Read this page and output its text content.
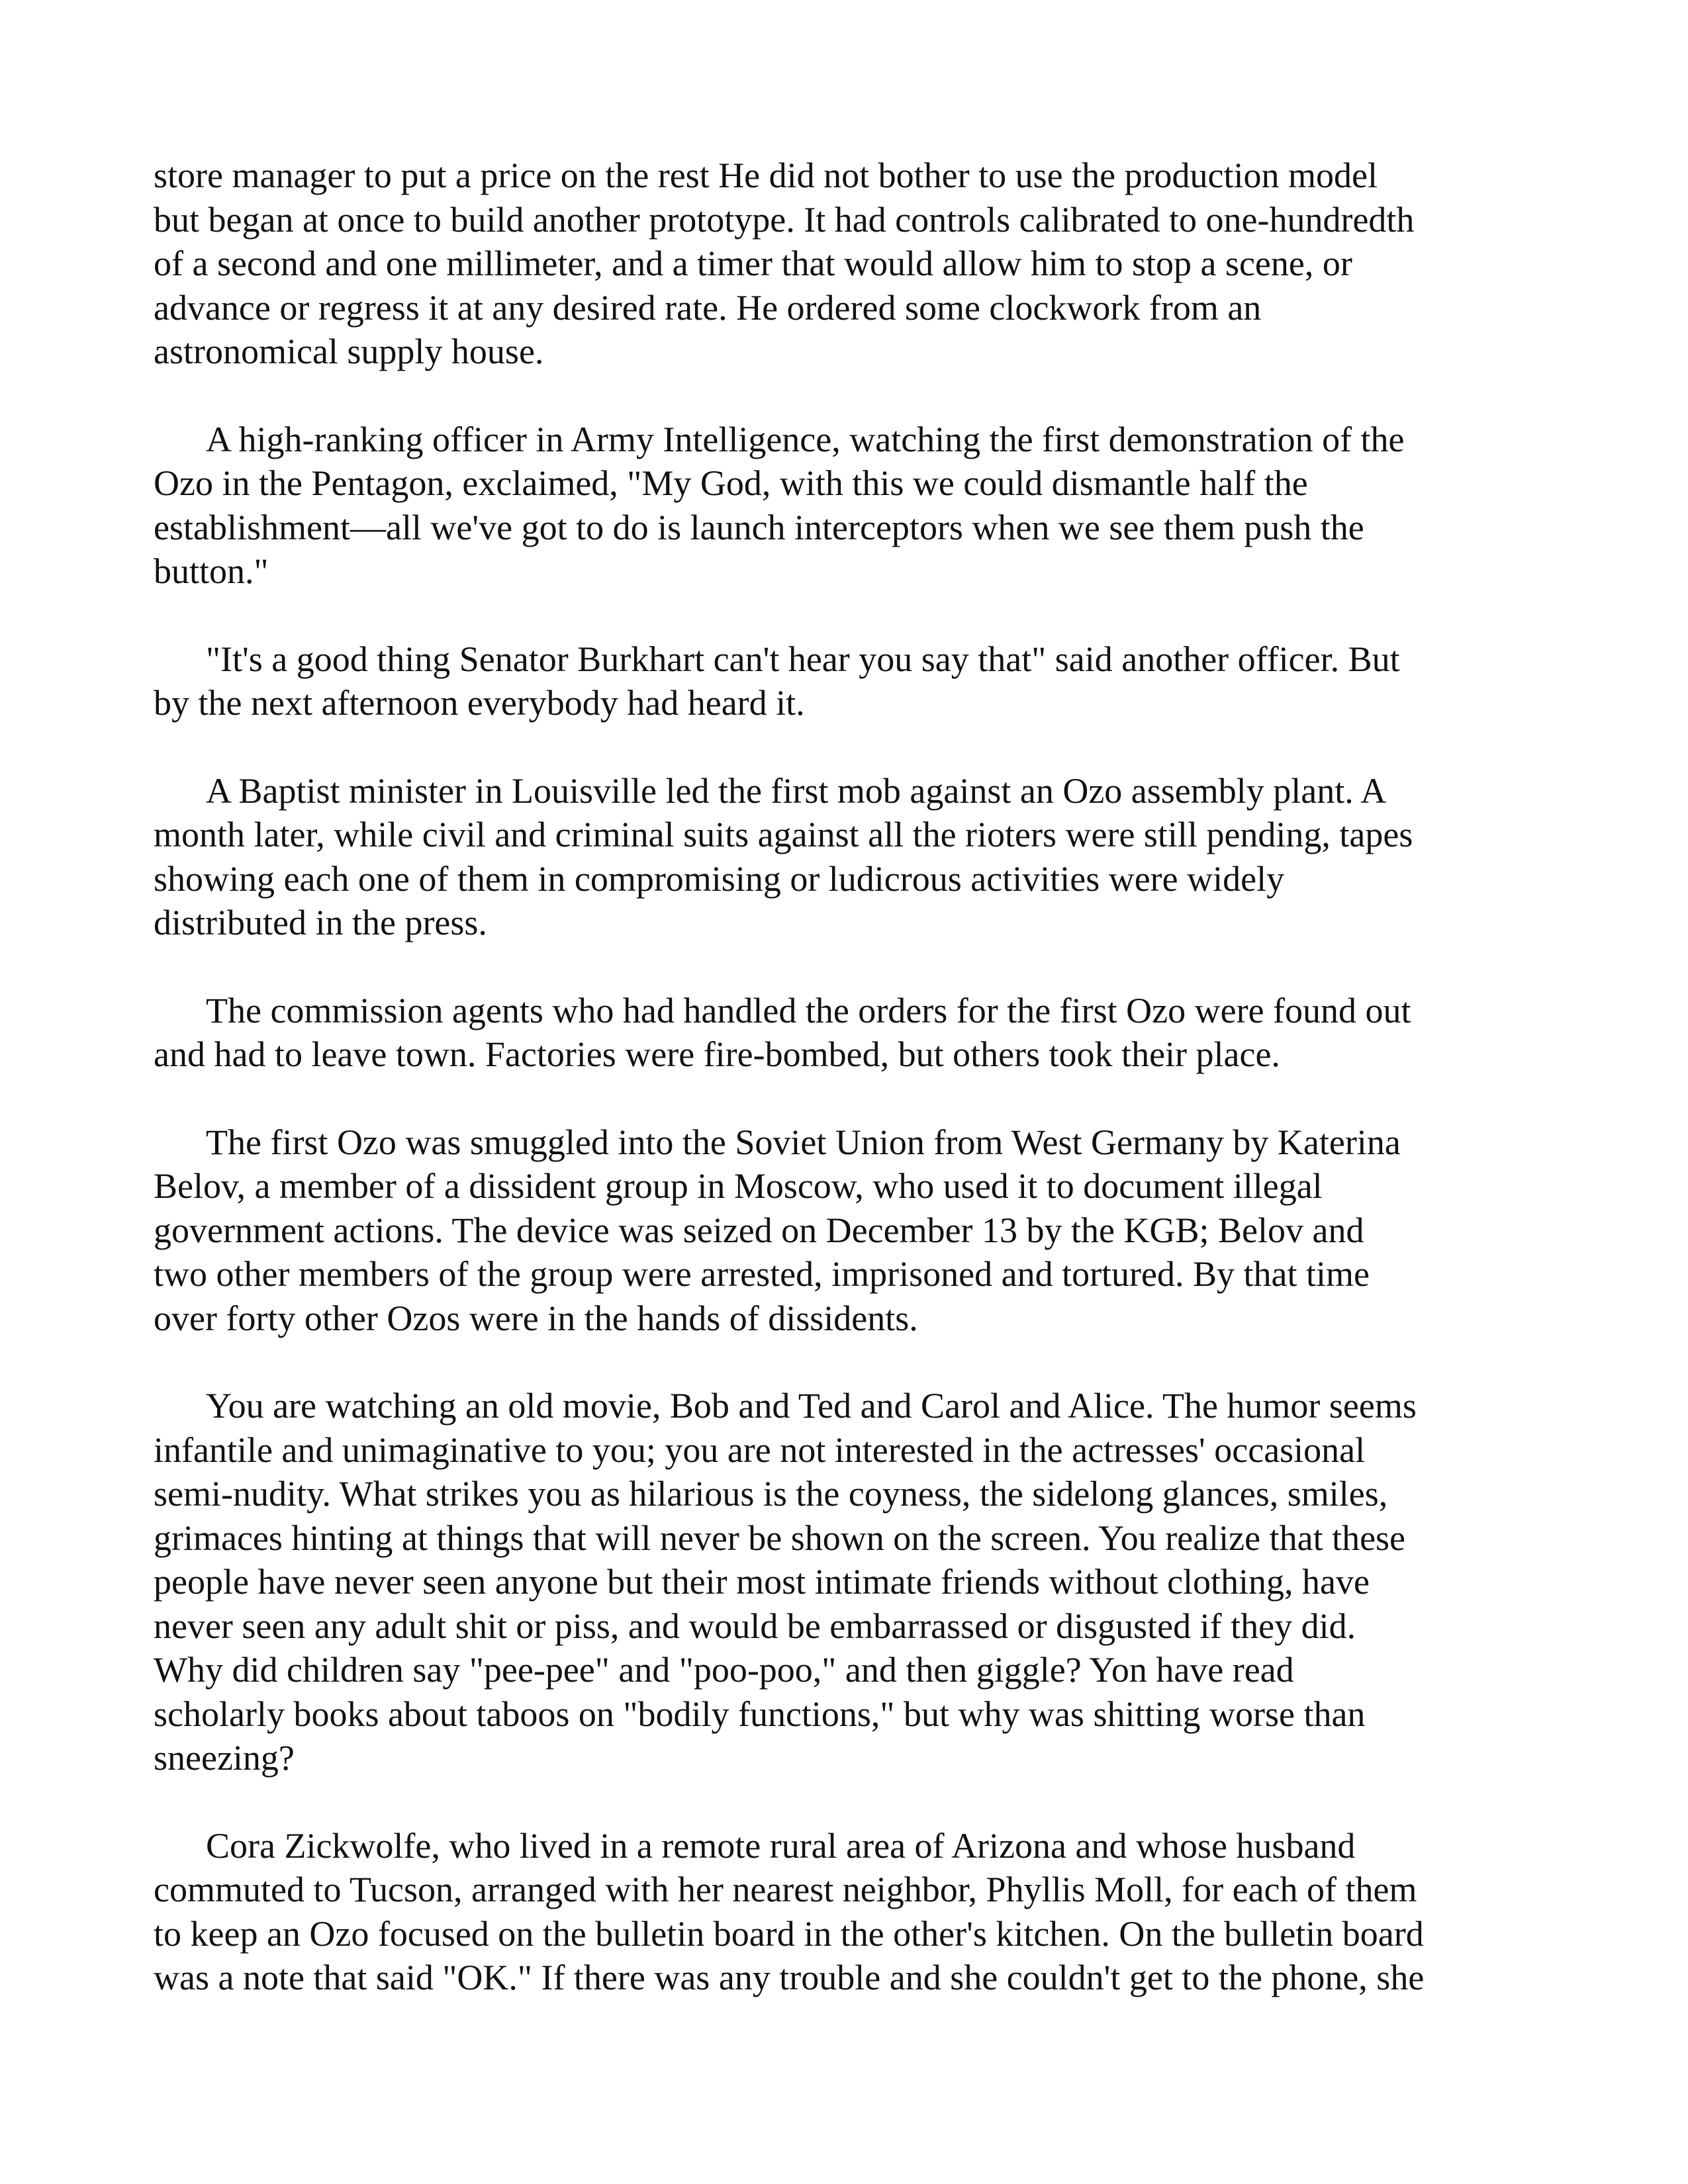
store manager to put a price on the rest He did not bother to use the production model
but began at once to build another prototype. It had controls calibrated to one-hundredth
of a second and one millimeter, and a timer that would allow him to stop a scene, or
advance or regress it at any desired rate. He ordered some clockwork from an
astronomical supply house.
A high-ranking officer in Army Intelligence, watching the first demonstration of the
Ozo in the Pentagon, exclaimed, "My God, with this we could dismantle half the
establishment—all we've got to do is launch interceptors when we see them push the
button."
"It's a good thing Senator Burkhart can't hear you say that" said another officer. But
by the next afternoon everybody had heard it.
A Baptist minister in Louisville led the first mob against an Ozo assembly plant. A
month later, while civil and criminal suits against all the rioters were still pending, tapes
showing each one of them in compromising or ludicrous activities were widely
distributed in the press.
The commission agents who had handled the orders for the first Ozo were found out
and had to leave town. Factories were fire-bombed, but others took their place.
The first Ozo was smuggled into the Soviet Union from West Germany by Katerina
Belov, a member of a dissident group in Moscow, who used it to document illegal
government actions. The device was seized on December 13 by the KGB; Belov and
two other members of the group were arrested, imprisoned and tortured. By that time
over forty other Ozos were in the hands of dissidents.
You are watching an old movie, Bob and Ted and Carol and Alice. The humor seems
infantile and unimaginative to you; you are not interested in the actresses' occasional
semi-nudity. What strikes you as hilarious is the coyness, the sidelong glances, smiles,
grimaces hinting at things that will never be shown on the screen. You realize that these
people have never seen anyone but their most intimate friends without clothing, have
never seen any adult shit or piss, and would be embarrassed or disgusted if they did.
Why did children say "pee-pee" and "poo-poo," and then giggle? Yon have read
scholarly books about taboos on "bodily functions," but why was shitting worse than
sneezing?
Cora Zickwolfe, who lived in a remote rural area of Arizona and whose husband
commuted to Tucson, arranged with her nearest neighbor, Phyllis Moll, for each of them
to keep an Ozo focused on the bulletin board in the other's kitchen. On the bulletin board
was a note that said "OK." If there was any trouble and she couldn't get to the phone, she
